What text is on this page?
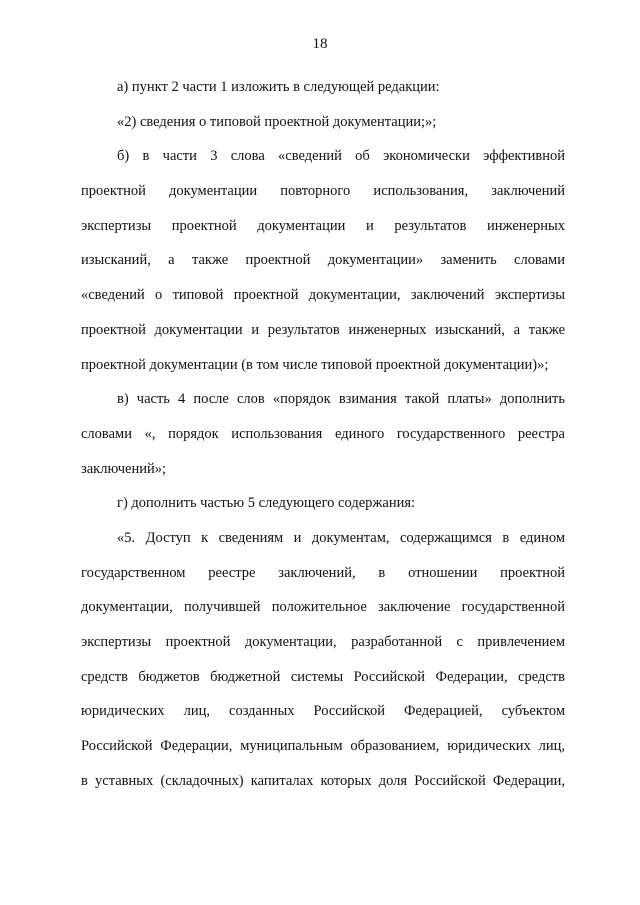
18
а) пункт 2 части 1 изложить в следующей редакции:
«2) сведения о типовой проектной документации;»;
б) в части 3 слова «сведений об экономически эффективной
проектной документации повторного использования, заключений
экспертизы проектной документации и результатов инженерных
изысканий, а также проектной документации» заменить словами
«сведений о типовой проектной документации, заключений экспертизы
проектной документации и результатов инженерных изысканий, а также
проектной документации (в том числе типовой проектной документации)»;
в) часть 4 после слов «порядок взимания такой платы» дополнить
словами «, порядок использования единого государственного реестра
заключений»;
г) дополнить частью 5 следующего содержания:
«5. Доступ к сведениям и документам, содержащимся в едином
государственном реестре заключений, в отношении проектной
документации, получившей положительное заключение государственной
экспертизы проектной документации, разработанной с привлечением
средств бюджетов бюджетной системы Российской Федерации, средств
юридических лиц, созданных Российской Федерацией, субъектом
Российской Федерации, муниципальным образованием, юридических лиц,
в уставных (складочных) капиталах которых доля Российской Федерации,
